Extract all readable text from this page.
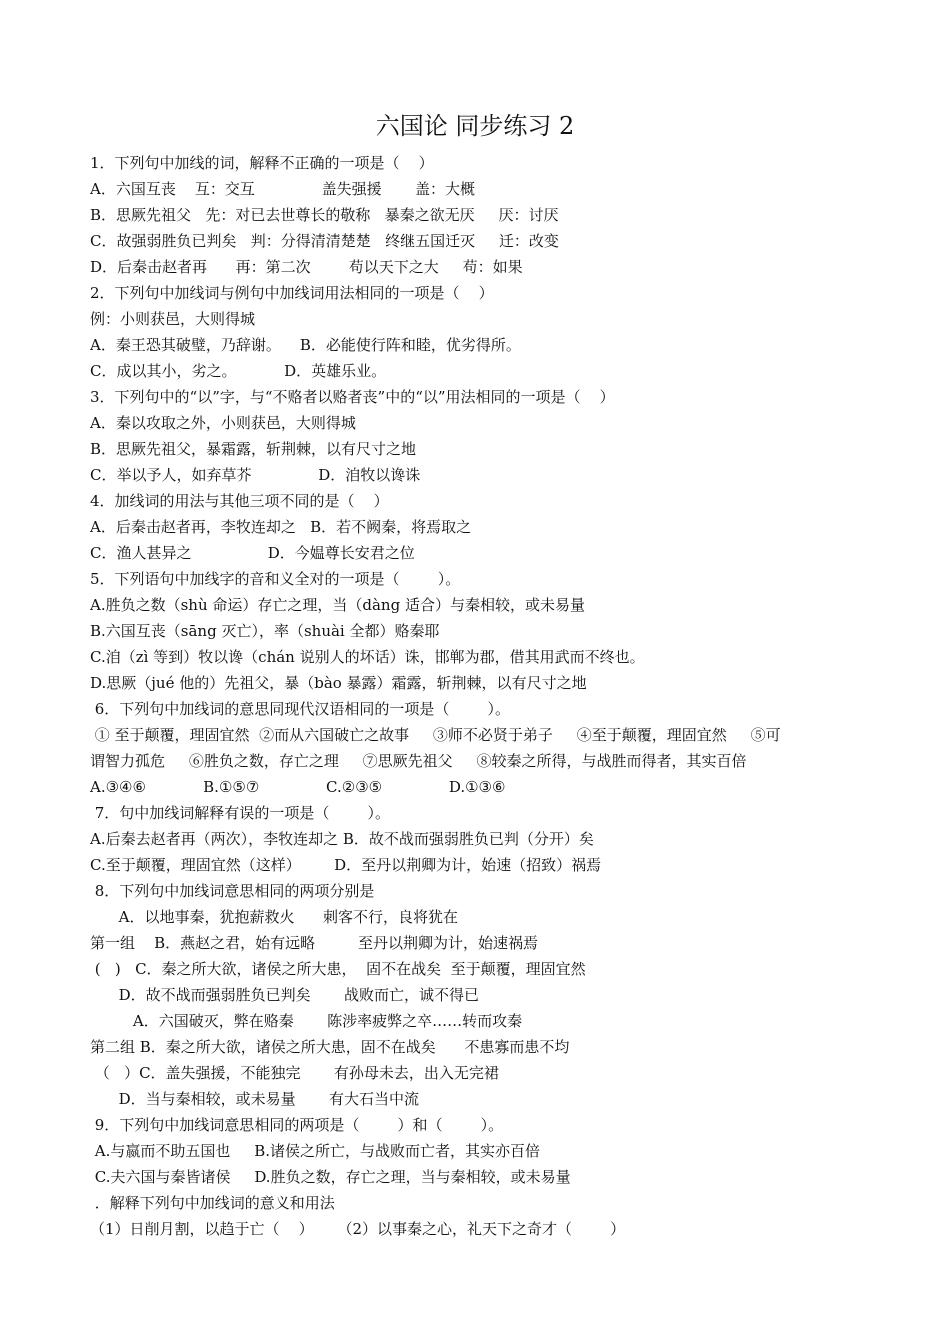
六国论 同步练习 2
1．下列句中加线的词，解释不正确的一项是（    ）
A．六国互丧    互：交互              盖失强援       盖：大概
B．思厥先祖父   先：对已去世尊长的敬称   暴秦之欲无厌     厌：讨厌
C．故强弱胜负已判矣   判：分得清清楚楚   终继五国迁灭     迁：改变
D．后秦击赵者再      再：第二次        苟以天下之大     苟：如果
2．下列句中加线词与例句中加线词用法相同的一项是（    ）
例：小则获邑，大则得城
A．秦王恐其破璧，乃辞谢。    B．必能使行阵和睦，优劣得所。
C．成以其小，劣之。          D．英雄乐业。
3．下列句中的“以”字，与“不赂者以赂者丧”中的“以”用法相同的一项是（    ）
A．秦以攻取之外，小则获邑，大则得城
B．思厥先祖父，暴霜露，斩荆棘，以有尺寸之地
C．举以予人，如弃草芥              D．洎牧以谗诛
4．加线词的用法与其他三项不同的是（    ）
A．后秦击赵者再，李牧连却之   B．若不阙秦，将焉取之
C．渔人甚异之                D．今媪尊长安君之位
5．下列语句中加线字的音和义全对的一项是（        ）。
A.胜负之数（shù 命运）存亡之理，当（dàng 适合）与秦相较，或未易量
B.六国互丧（sāng 灭亡），率（shuài 全都）赂秦耶
C.洎（zì 等到）牧以谗（chán 说别人的坏话）诛，邯郸为郡，借其用武而不终也。
D.思厥（jué 他的）先祖父，暴（bào 暴露）霜露，斩荆棘，以有尺寸之地
6．下列句中加线词的意思同现代汉语相同的一项是（        ）。
① 至于颠覆，理固宜然  ②而从六国破亡之故事     ③师不必贤于弟子     ④至于颠覆，理固宜然     ⑤可
谓智力孤危     ⑥胜负之数，存亡之理     ⑦思厥先祖父     ⑧较秦之所得，与战胜而得者，其实百倍
A.③④⑥            B.①⑤⑦              C.②③⑤              D.①③⑥
7．句中加线词解释有误的一项是（        ）。
A.后秦去赵者再（两次），李牧连却之 B．故不战而强弱胜负已判（分开）矣
C.至于颠覆，理固宜然（这样）       D．至丹以荆卿为计，始速（招致）祸焉
8．下列句中加线词意思相同的两项分别是
A．以地事秦，犹抱薪救火      刺客不行，良将犹在
第一组    B．燕赵之君，始有远略         至丹以荆卿为计，始速祸焉
(   )   C．秦之所大欲，诸侯之所大患，  固不在战矣  至于颠覆，理固宜然
D．故不战而强弱胜负已判矣       战败而亡，诚不得已
A．六国破灭，弊在赂秦       陈涉率疲弊之卒……转而攻秦
第二组 B．秦之所大欲，诸侯之所大患，固不在战矣      不患寡而患不均
（   ）C．盖失强援，不能独完       有孙母未去，出入无完裙
D．当与秦相较，或未易量       有大石当中流
9．下列句中加线词意思相同的两项是（        ）和（        ）。
A.与嬴而不助五国也     B.诸侯之所亡，与战败而亡者，其实亦百倍
C.夫六国与秦皆诸侯     D.胜负之数，存亡之理，当与秦相较，或未易量
．解释下列句中加线词的意义和用法
（1）日削月割，以趋于亡（    ）     （2）以事秦之心，礼天下之奇才（        ）
